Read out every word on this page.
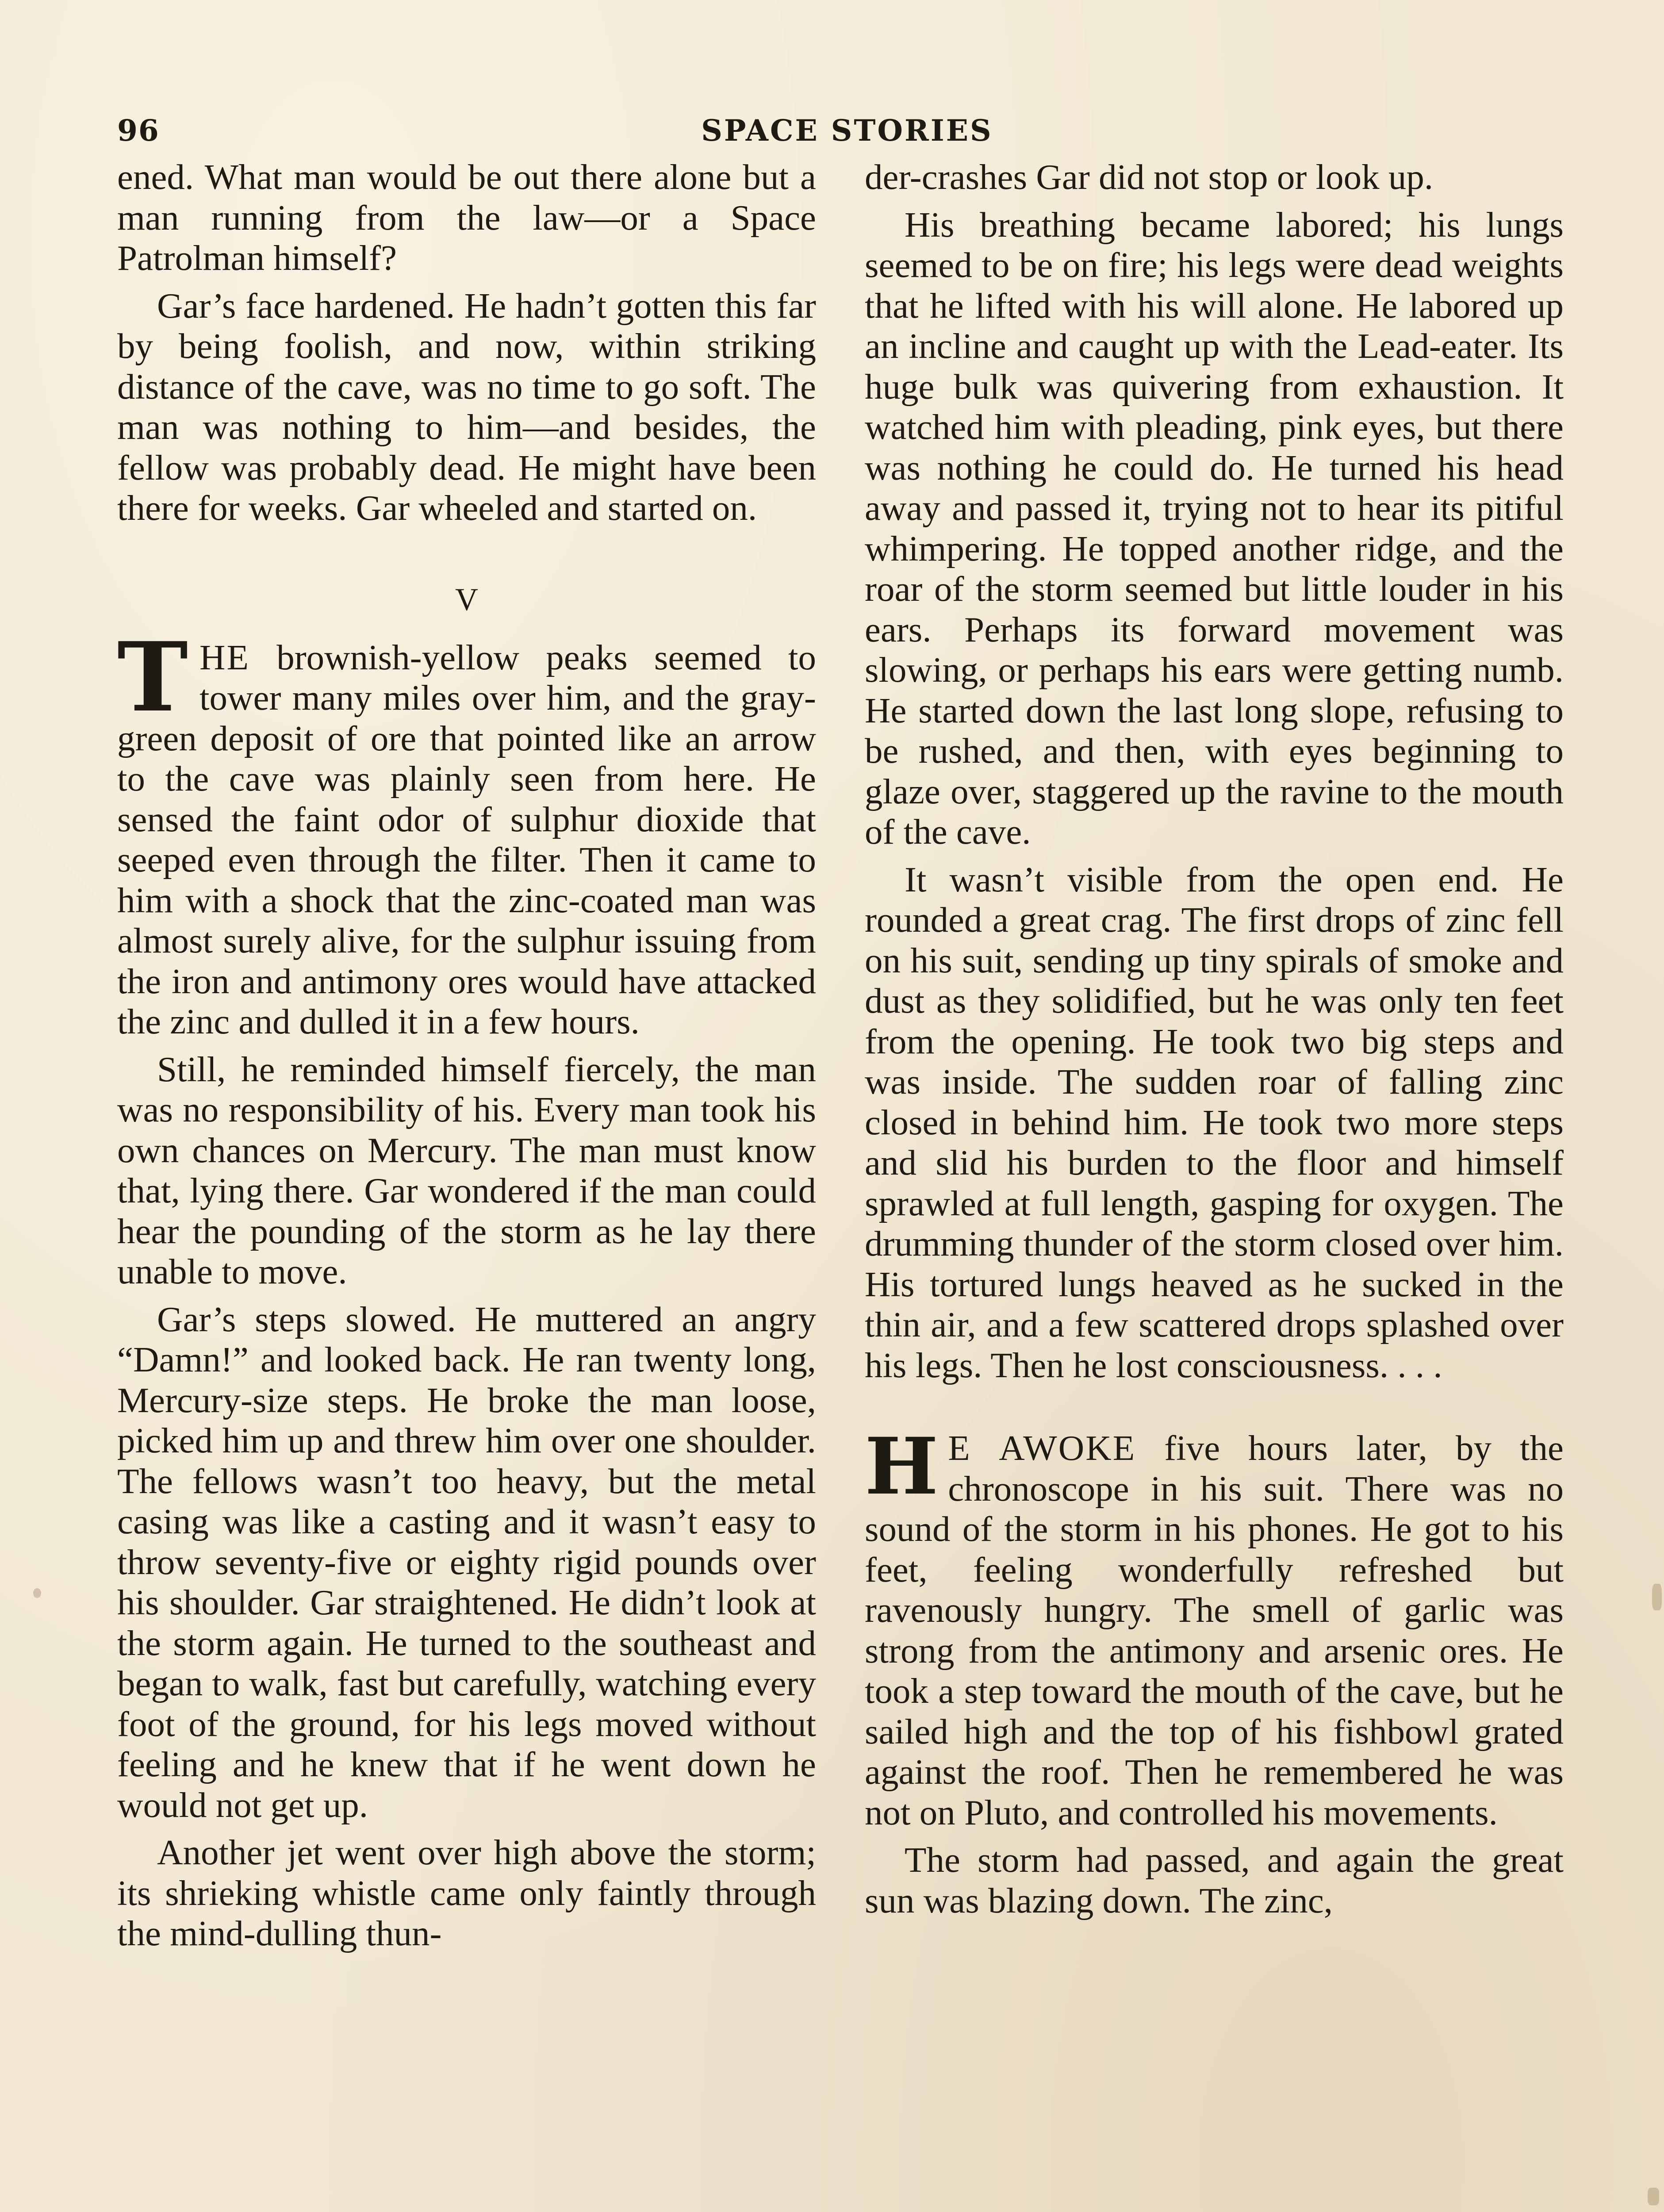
96	SPACE STORIES

ened. What man would be out there alone but a man running from the law—or a Space Patrolman himself?

Gar’s face hardened. He hadn’t gotten this far by being foolish, and now, within striking distance of the cave, was no time to go soft. The man was nothing to him—and besides, the fellow was probably dead. He might have been there for weeks. Gar wheeled and started on.

V

THE brownish-yellow peaks seemed to tower many miles over him, and the gray-green deposit of ore that pointed like an arrow to the cave was plainly seen from here. He sensed the faint odor of sulphur dioxide that seeped even through the filter. Then it came to him with a shock that the zinc-coated man was almost surely alive, for the sulphur issuing from the iron and antimony ores would have attacked the zinc and dulled it in a few hours.

Still, he reminded himself fiercely, the man was no responsibility of his. Every man took his own chances on Mercury. The man must know that, lying there. Gar wondered if the man could hear the pounding of the storm as he lay there unable to move.

Gar’s steps slowed. He muttered an angry “Damn!” and looked back. He ran twenty long, Mercury-size steps. He broke the man loose, picked him up and threw him over one shoulder. The fellows wasn’t too heavy, but the metal casing was like a casting and it wasn’t easy to throw seventy-five or eighty rigid pounds over his shoulder. Gar straightened. He didn’t look at the storm again. He turned to the southeast and began to walk, fast but carefully, watching every foot of the ground, for his legs moved without feeling and he knew that if he went down he would not get up.

Another jet went over high above the storm; its shrieking whistle came only faintly through the mind-dulling thun-

der-crashes Gar did not stop or look up.

His breathing became labored; his lungs seemed to be on fire; his legs were dead weights that he lifted with his will alone. He labored up an incline and caught up with the Lead-eater. Its huge bulk was quivering from exhaustion. It watched him with pleading, pink eyes, but there was nothing he could do. He turned his head away and passed it, trying not to hear its pitiful whimpering. He topped another ridge, and the roar of the storm seemed but little louder in his ears. Perhaps its forward movement was slowing, or perhaps his ears were getting numb. He started down the last long slope, refusing to be rushed, and then, with eyes beginning to glaze over, staggered up the ravine to the mouth of the cave.

It wasn’t visible from the open end. He rounded a great crag. The first drops of zinc fell on his suit, sending up tiny spirals of smoke and dust as they solidified, but he was only ten feet from the opening. He took two big steps and was inside. The sudden roar of falling zinc closed in behind him. He took two more steps and slid his burden to the floor and himself sprawled at full length, gasping for oxygen. The drumming thunder of the storm closed over him. His tortured lungs heaved as he sucked in the thin air, and a few scattered drops splashed over his legs. Then he lost consciousness. . . .

H E AWOKE five hours later, by the chronoscope in his suit. There was no sound of the storm in his phones. He got to his feet, feeling wonderfully refreshed but ravenously hungry. The smell of garlic was strong from the antimony and arsenic ores. He took a step toward the mouth of the cave, but he sailed high and the top of his fishbowl grated against the roof. Then he remembered he was not on Pluto, and controlled his movements.

The storm had passed, and again the great sun was blazing down. The zinc,
